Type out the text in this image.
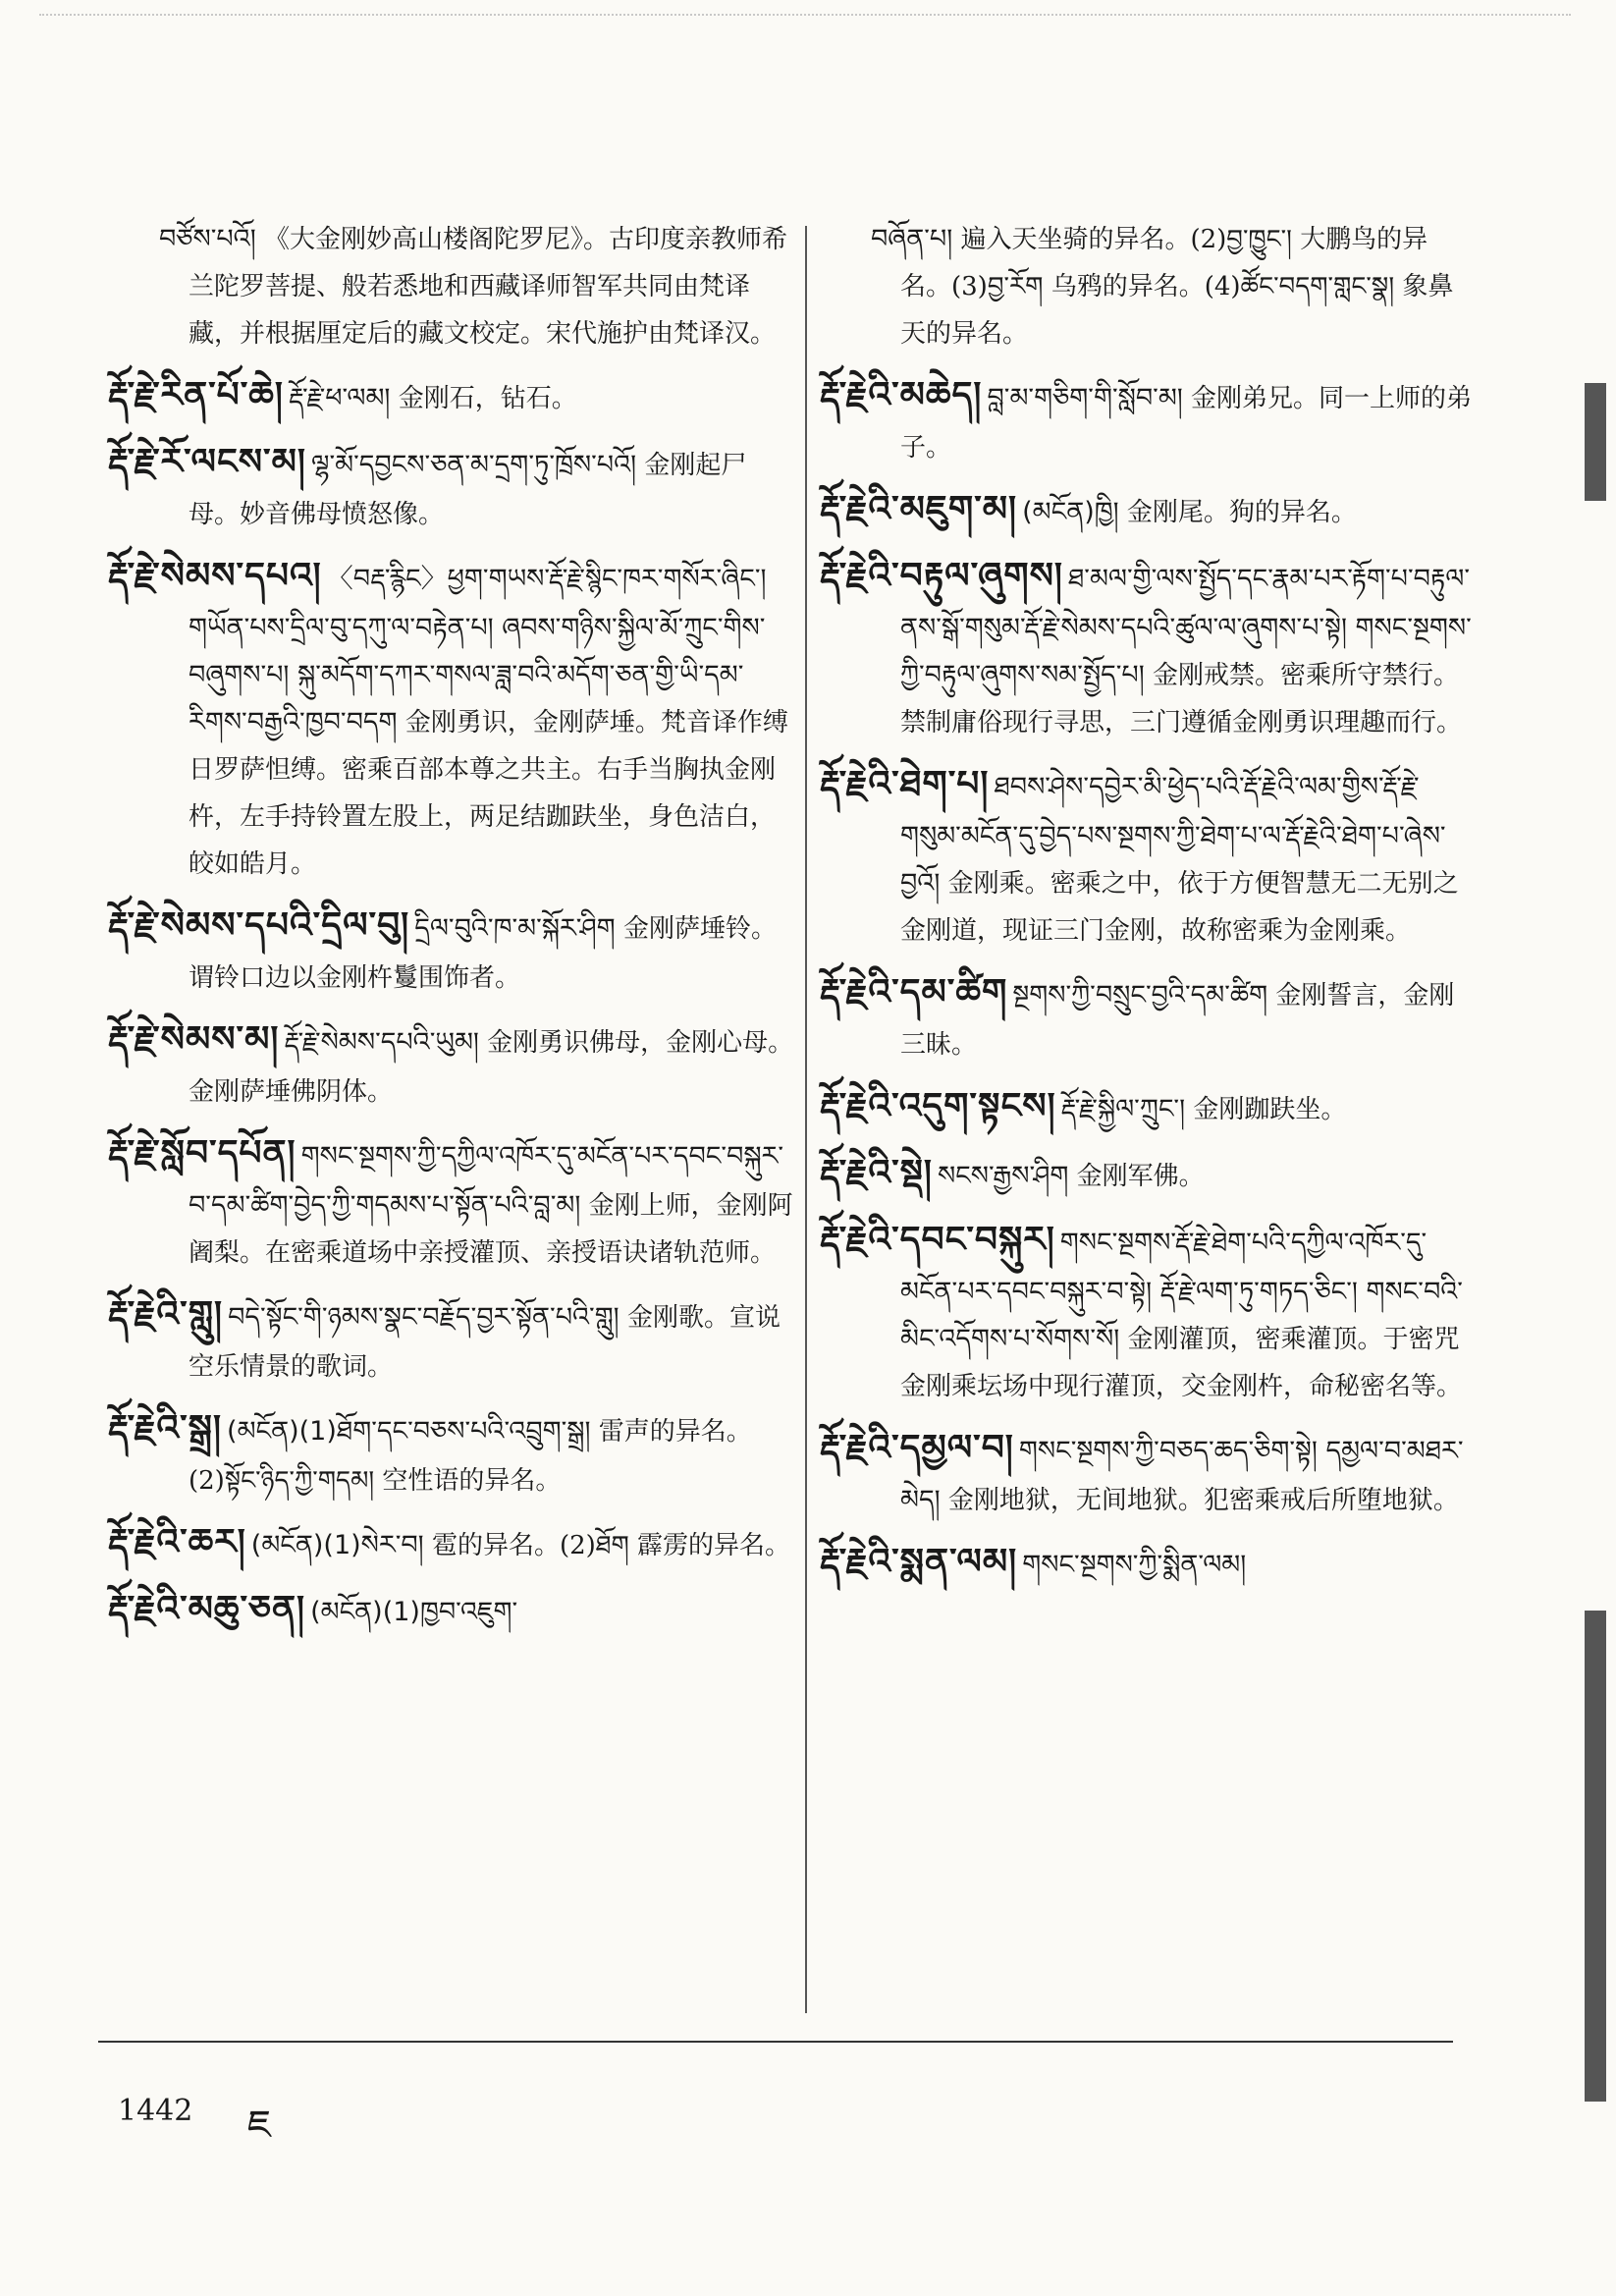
བཙོས་པའོ། 《大金刚妙高山楼阁陀罗尼》。古印度亲教师希兰陀罗菩提、般若悉地和西藏译师智军共同由梵译藏，并根据厘定后的藏文校定。宋代施护由梵译汉。
རྡོ་རྗེ་རིན་པོ་ཆེ། རྡོ་རྗེ་ཕ་ལམ། 金刚石，钻石。
རྡོ་རྗེ་རོ་ལངས་མ། ལྷ་མོ་དབྱངས་ཅན་མ་དྲག་ཏུ་ཁྲོས་པའོ། 金刚起尸母。妙音佛母愤怒像。
རྡོ་རྗེ་སེམས་དཔའ། 〈བརྡ་རྙིང〉ཕྱག་གཡས་རྡོ་རྗེ་སྙིང་ཁར་གསོར་ཞིང་། གཡོན་པས་དྲིལ་བུ་དཀུ་ལ་བརྟེན་པ། ཞབས་གཉིས་སྐྱིལ་མོ་ཀྲུང་གིས་བཞུགས་པ། སྐུ་མདོག་དཀར་གསལ་ཟླ་བའི་མདོག་ཅན་གྱི་ཡི་དམ་རིགས་བརྒྱའི་ཁྱབ་བདག 金刚勇识，金刚萨埵。梵音译作缚日罗萨怛缚。密乘百部本尊之共主。右手当胸执金刚杵，左手持铃置左股上，两足结跏趺坐，身色洁白，皎如皓月。
རྡོ་རྗེ་སེམས་དཔའི་དྲིལ་བུ། དྲིལ་བུའི་ཁ་མ་སྐོར་ཤིག 金刚萨埵铃。谓铃口边以金刚杵鬘围饰者。
རྡོ་རྗེ་སེམས་མ། རྡོ་རྗེ་སེམས་དཔའི་ཡུམ། 金刚勇识佛母，金刚心母。金刚萨埵佛阴体。
རྡོ་རྗེ་སློབ་དཔོན། གསང་སྔགས་ཀྱི་དཀྱིལ་འཁོར་དུ་མངོན་པར་དབང་བསྐུར་བ་དམ་ཚིག་བྱེད་ཀྱི་གདམས་པ་སྟོན་པའི་བླ་མ། 金刚上师，金刚阿阇梨。在密乘道场中亲授灌顶、亲授语诀诸轨范师。
རྡོ་རྗེའི་གླུ། བདེ་སྟོང་གི་ཉམས་སྣང་བརྗོད་བྱར་སྟོན་པའི་གླུ། 金刚歌。宣说空乐情景的歌词。
རྡོ་རྗེའི་སྒྲ། (མངོན)(1)ཐོག་དང་བཅས་པའི་འབྲུག་སྒྲ། 雷声的异名。(2)སྟོང་ཉིད་ཀྱི་གདམ། 空性语的异名。
རྡོ་རྗེའི་ཆར། (མངོན)(1)སེར་བ། 雹的异名。(2)ཐོག 霹雳的异名。
རྡོ་རྗེའི་མཆུ་ཅན། (མངོན)(1)ཁྱབ་འཇུག་
བཞོན་པ། 遍入天坐骑的异名。(2)བྱ་ཁྱུང་། 大鹏鸟的异名。(3)བྱ་རོག 乌鸦的异名。(4)ཚོང་བདག་གླང་སྣ། 象鼻天的异名。
རྡོ་རྗེའི་མཆེད། བླ་མ་གཅིག་གི་སློབ་མ། 金刚弟兄。同一上师的弟子。
རྡོ་རྗེའི་མཇུག་མ། (མངོན)ཁྱི། 金刚尾。狗的异名。
རྡོ་རྗེའི་བརྟུལ་ཞུགས། ཐ་མལ་གྱི་ལས་སྤྱོད་དང་རྣམ་པར་རྟོག་པ་བརྟུལ་ནས་སྒོ་གསུམ་རྡོ་རྗེ་སེམས་དཔའི་ཚུལ་ལ་ཞུགས་པ་སྟེ། གསང་སྔགས་ཀྱི་བརྟུལ་ཞུགས་སམ་སྤྱོད་པ། 金刚戒禁。密乘所守禁行。禁制庸俗现行寻思，三门遵循金刚勇识理趣而行。
རྡོ་རྗེའི་ཐེག་པ། ཐབས་ཤེས་དབྱེར་མི་ཕྱེད་པའི་རྡོ་རྗེའི་ལམ་གྱིས་རྡོ་རྗེ་གསུམ་མངོན་དུ་བྱེད་པས་སྔགས་ཀྱི་ཐེག་པ་ལ་རྡོ་རྗེའི་ཐེག་པ་ཞེས་བྱའོ། 金刚乘。密乘之中，依于方便智慧无二无别之金刚道，现证三门金刚，故称密乘为金刚乘。
རྡོ་རྗེའི་དམ་ཚིག སྔགས་ཀྱི་བསྲུང་བྱའི་དམ་ཚིག 金刚誓言，金刚三昧。
རྡོ་རྗེའི་འདུག་སྟངས། རྡོ་རྗེ་སྐྱིལ་ཀྲུང་། 金刚跏趺坐。
རྡོ་རྗེའི་སྡེ། སངས་རྒྱས་ཤིག 金刚军佛。
རྡོ་རྗེའི་དབང་བསྐུར། གསང་སྔགས་རྡོ་རྗེ་ཐེག་པའི་དཀྱིལ་འཁོར་དུ་མངོན་པར་དབང་བསྐུར་བ་སྟེ། རྡོ་རྗེ་ལག་ཏུ་གཏད་ཅིང་། གསང་བའི་མིང་འདོགས་པ་སོགས་སོ། 金刚灌顶，密乘灌顶。于密咒金刚乘坛场中现行灌顶，交金刚杵，命秘密名等。
རྡོ་རྗེའི་དམྱལ་བ། གསང་སྔགས་ཀྱི་བཅད་ཆད་ཅིག་སྟེ། དམྱལ་བ་མཐར་མེད། 金刚地狱，无间地狱。犯密乘戒后所堕地狱。
རྡོ་རྗེའི་སྨན་ལམ། གསང་སྔགས་ཀྱི་སྨིན་ལམ།
1442 ཇ
